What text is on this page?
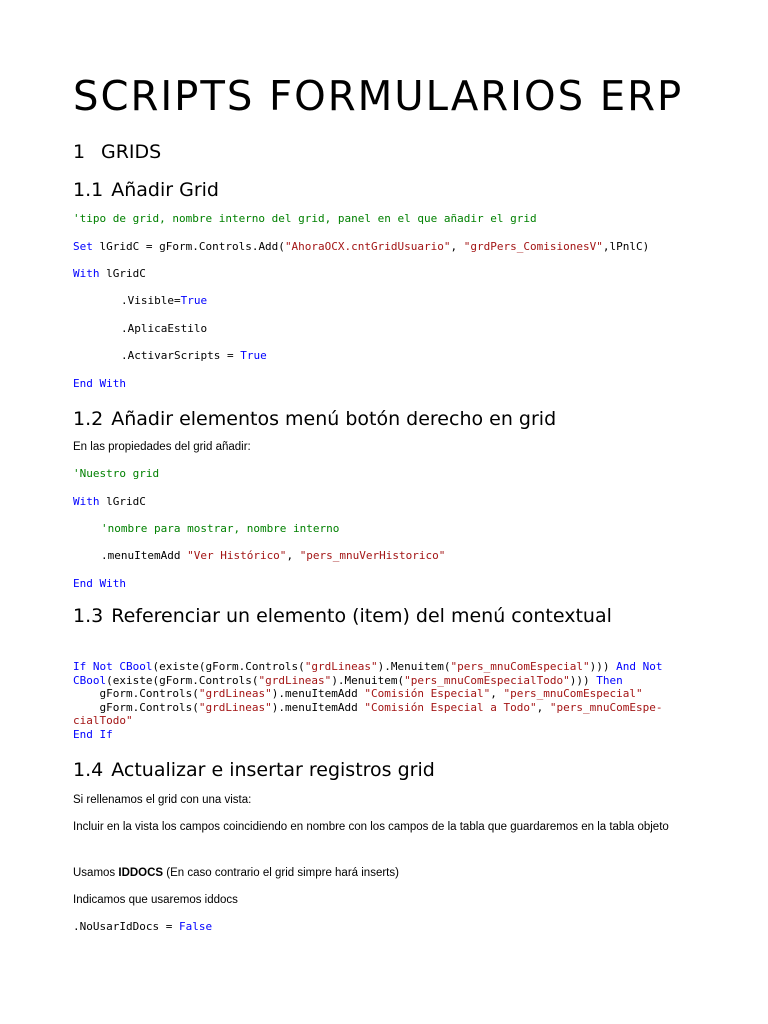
SCRIPTS FORMULARIOS ERP
1 GRIDS
1.1 Añadir Grid
'tipo de grid, nombre interno del grid, panel en el que añadir el grid
Set lGridC = gForm.Controls.Add("AhoraOCX.cntGridUsuario", "grdPers_ComisionesV",lPnlC)
With lGridC
.Visible=True
.AplicaEstilo
.ActivarScripts = True
End With
1.2 Añadir elementos menú botón derecho en grid
En las propiedades del grid añadir:
'Nuestro grid
With lGridC
'nombre para mostrar, nombre interno
.menuItemAdd "Ver Histórico", "pers_mnuVerHistorico"
End With
1.3 Referenciar un elemento (item) del menú contextual
If Not CBool(existe(gForm.Controls("grdLineas").Menuitem("pers_mnuComEspecial"))) And Not
CBool(existe(gForm.Controls("grdLineas").Menuitem("pers_mnuComEspecialTodo"))) Then
gForm.Controls("grdLineas").menuItemAdd "Comisión Especial", "pers_mnuComEspecial"
gForm.Controls("grdLineas").menuItemAdd "Comisión Especial a Todo", "pers_mnuComEspe-
cialTodo"
End If
1.4 Actualizar e insertar registros grid
Si rellenamos el grid con una vista:
Incluir en la vista los campos coincidiendo en nombre con los campos de la tabla que guardaremos en la tabla objeto
Usamos IDDOCS (En caso contrario el grid simpre hará inserts)
Indicamos que usaremos iddocs
.NoUsarIdDocs = False
